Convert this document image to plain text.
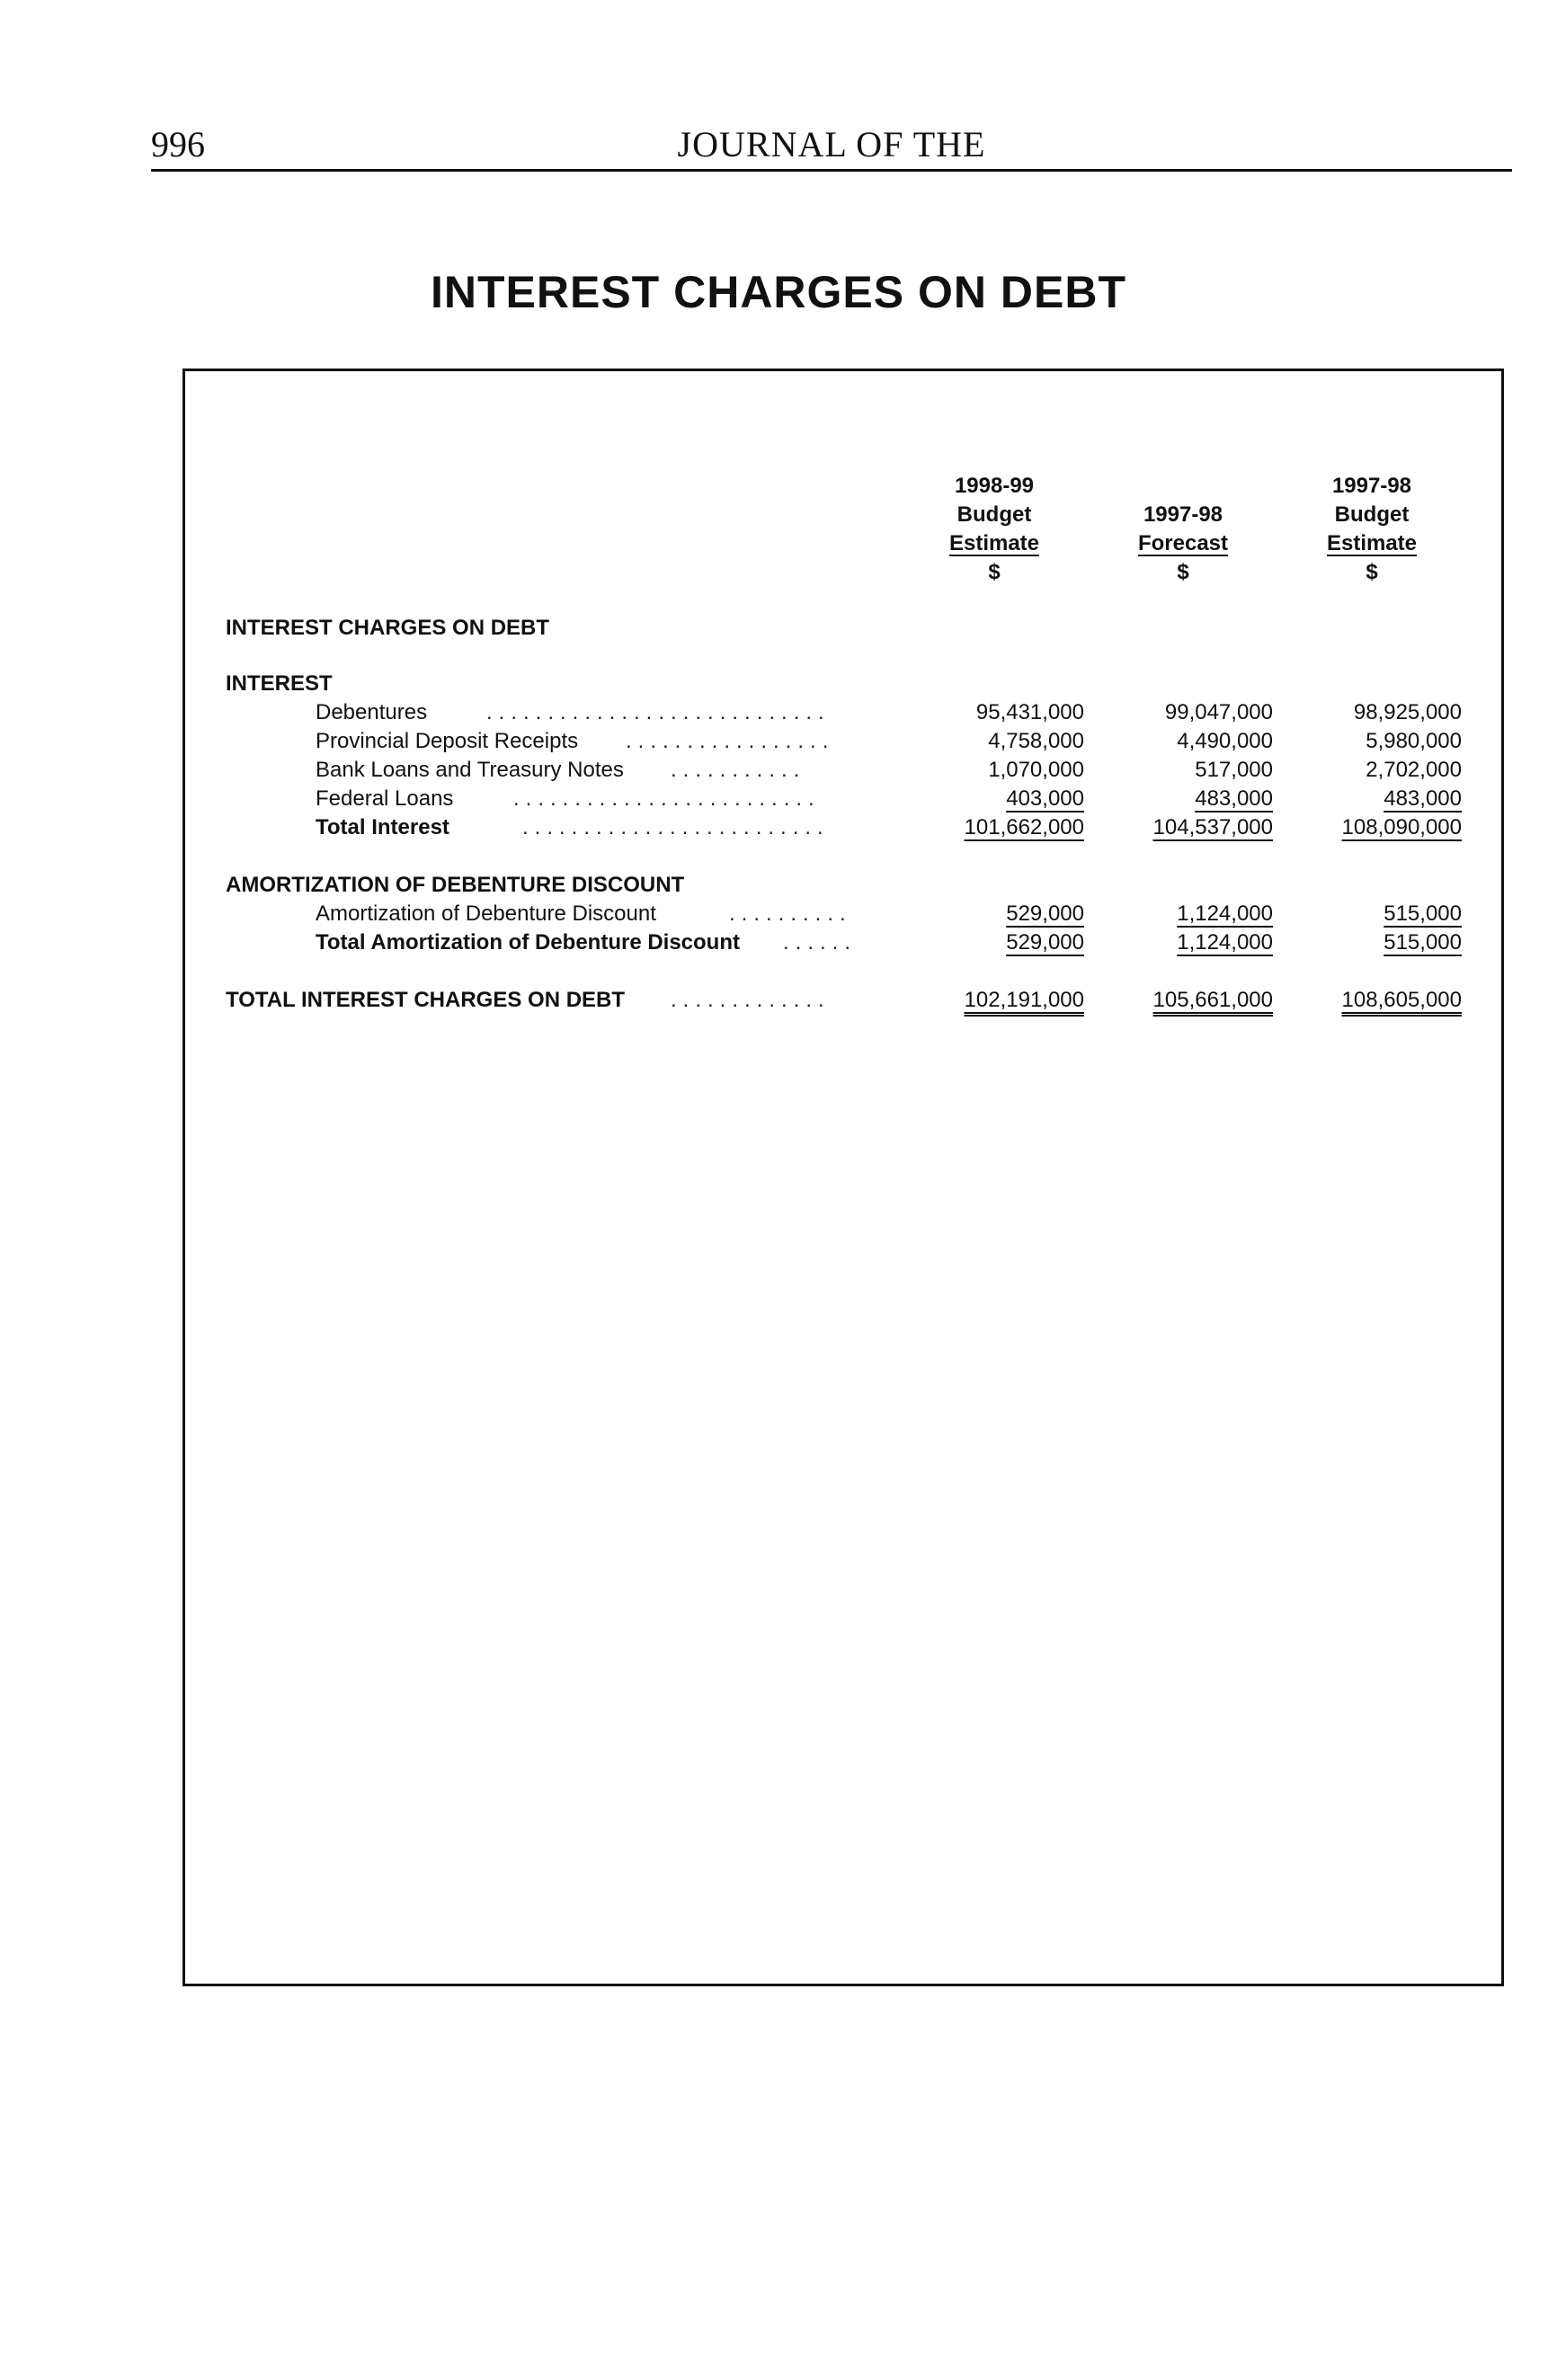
996	JOURNAL OF THE
INTEREST CHARGES ON DEBT
1998-99
Budget
Estimate
$

1997-98
Forecast
$
1997-98
Budget
Estimate
$
INTEREST CHARGES ON DEBT
INTEREST
Debentures	............................	95,431,000	99,047,000	98,925,000
Provincial Deposit Receipts .................	4,758,000	4,490,000	5,980,000
Bank Loans and Treasury Notes ...........	1,070,000	517,000	2,702,000
Federal Loans	.........................	403,000	483,000	483,000
Total Interest	.........................	101,662,000	104,537,000	108,090,000
AMORTIZATION OF DEBENTURE DISCOUNT
Amortization of Debenture Discount	..........	529,000	1,124,000	515,000
Total Amortization of Debenture Discount ......	529,000	1,124,000	515,000
TOTAL INTEREST CHARGES ON DEBT .............	102,191,000	105,661,000	108,605,000
